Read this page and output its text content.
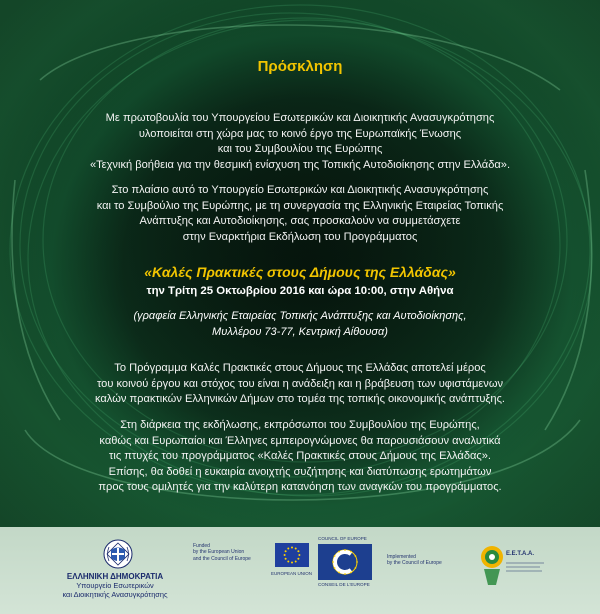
Πρόσκληση
Με πρωτοβουλία του Υπουργείου Εσωτερικών και Διοικητικής Ανασυγκρότησης
υλοποιείται στη χώρα μας το κοινό έργο της Ευρωπαϊκής Ένωσης
και του Συμβουλίου της Ευρώπης
«Τεχνική βοήθεια για την θεσμική ενίσχυση της Τοπικής Αυτοδιοίκησης στην Ελλάδα».
Στο πλαίσιο αυτό το Υπουργείο Εσωτερικών και Διοικητικής Ανασυγκρότησης
και το Συμβούλιο της Ευρώπης, με τη συνεργασία της Ελληνικής Εταιρείας Τοπικής
Ανάπτυξης και Αυτοδιοίκησης, σας προσκαλούν να συμμετάσχετε
στην Εναρκτήρια Εκδήλωση του Προγράμματος
«Καλές Πρακτικές στους Δήμους της Ελλάδας»
την Τρίτη 25 Οκτωβρίου 2016 και ώρα 10:00, στην Αθήνα
(γραφεία Ελληνικής Εταιρείας Τοπικής Ανάπτυξης και Αυτοδιοίκησης,
Μυλλέρου 73-77, Κεντρική Αίθουσα)
Το Πρόγραμμα Καλές Πρακτικές στους Δήμους της Ελλάδας αποτελεί μέρος
του κοινού έργου και στόχος του είναι η ανάδειξη και η βράβευση των υφιστάμενων
καλών πρακτικών Ελληνικών Δήμων στο τομέα της τοπικής οικονομικής ανάπτυξης.
Στη διάρκεια της εκδήλωσης, εκπρόσωποι του Συμβουλίου της Ευρώπης,
καθώς και Ευρωπαίοι και Έλληνες εμπειρογνώμονες θα παρουσιάσουν αναλυτικά
τις πτυχές του προγράμματος «Καλές Πρακτικές στους Δήμους της Ελλάδας».
Επίσης, θα δοθεί η ευκαιρία ανοιχτής συζήτησης και διατύπωσης ερωτημάτων
προς τους ομιλητές για την καλύτερη κατανόηση των αναγκών του προγράμματος.
ΕΛΛΗΝΙΚΗ ΔΗΜΟΚΡΑΤΙΑ
Υπουργείο Εσωτερικών
και Διοικητικής Ανασυγκρότησης
Funded
by the European Union
and the Council of Europe
EUROPEAN UNION
COUNCIL OF EUROPE
CONSEIL DE L'EUROPE
Implemented
by the Council of Europe
E.E.T.A.A.
